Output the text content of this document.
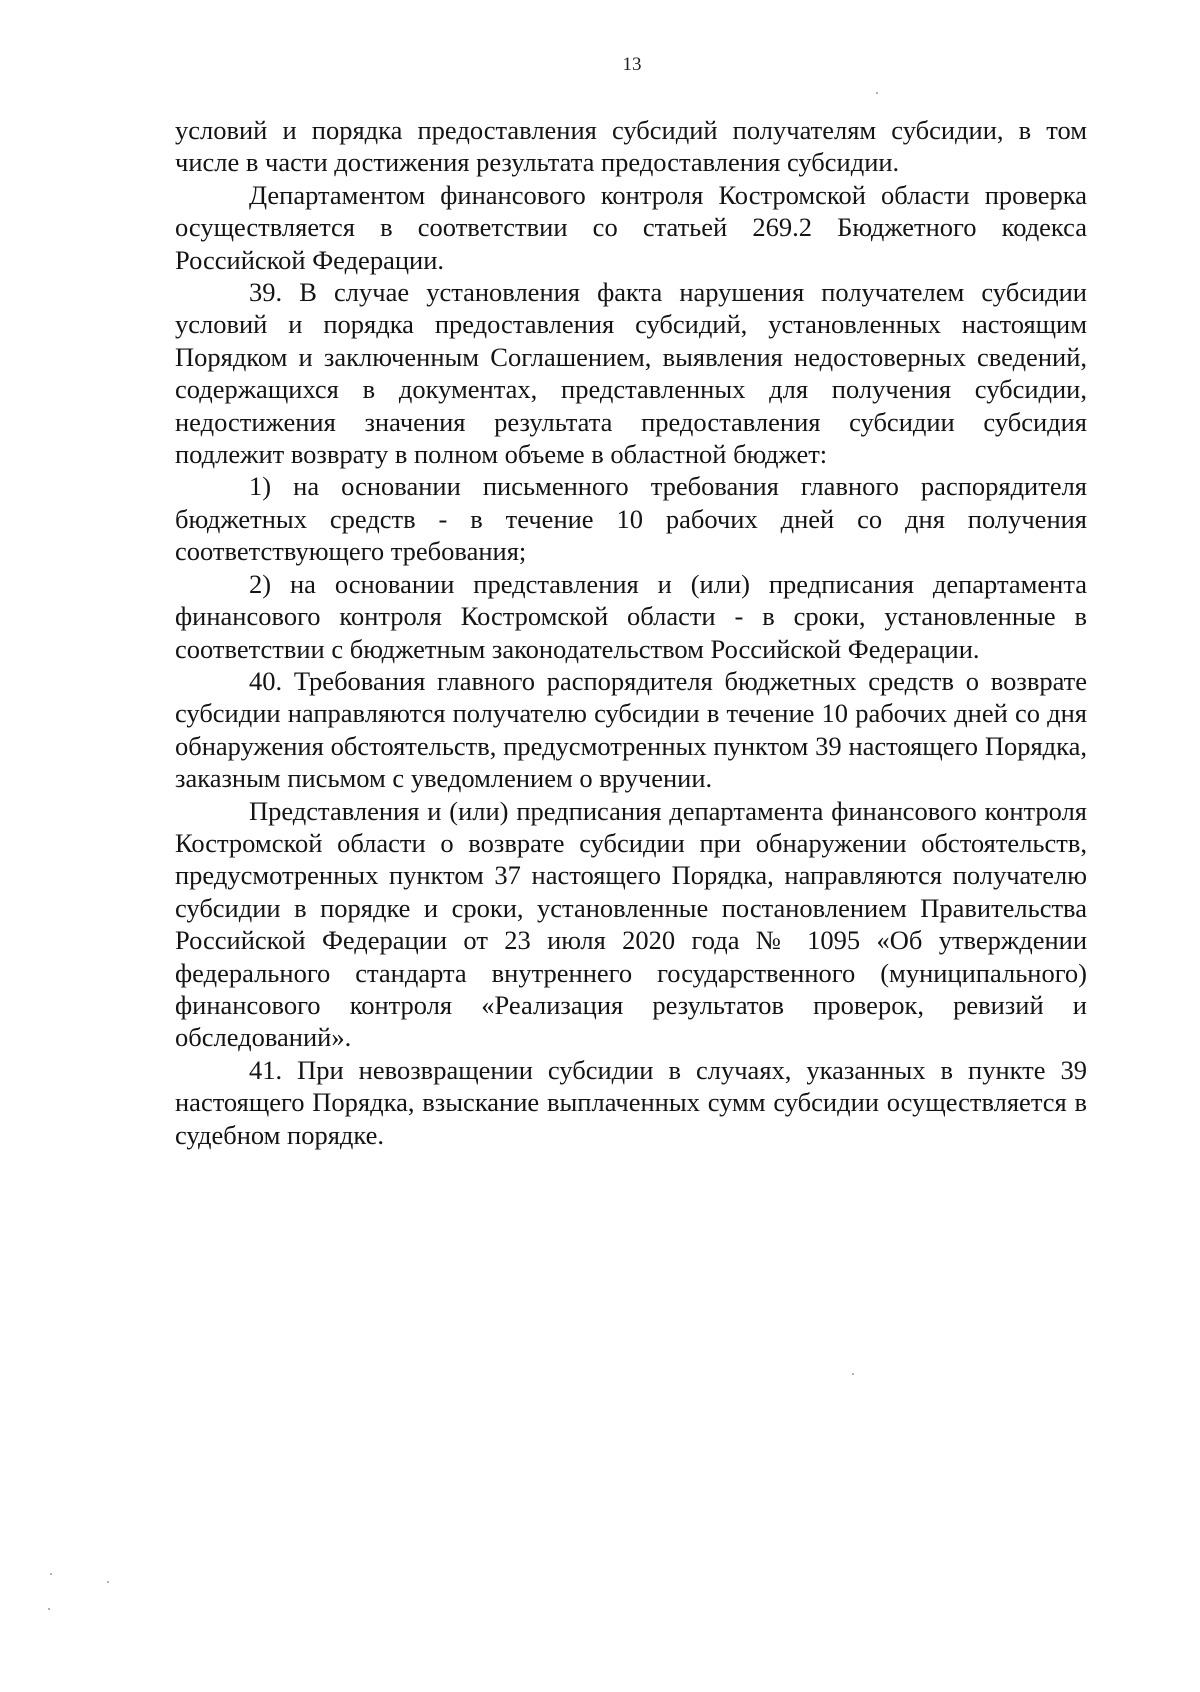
13

условий и порядка предоставления субсидий получателям субсидии, в том числе в части достижения результата предоставления субсидии.

Департаментом финансового контроля Костромской области проверка осуществляется в соответствии со статьей 269.2 Бюджетного кодекса Российской Федерации.

39. В случае установления факта нарушения получателем субсидии условий и порядка предоставления субсидий, установленных настоящим Порядком и заключенным Соглашением, выявления недостоверных сведений, содержащихся в документах, представленных для получения субсидии, недостижения значения результата предоставления субсидии субсидия подлежит возврату в полном объеме в областной бюджет:

1) на основании письменного требования главного распорядителя бюджетных средств - в течение 10 рабочих дней со дня получения соответствующего требования;

2) на основании представления и (или) предписания департамента финансового контроля Костромской области - в сроки, установленные в соответствии с бюджетным законодательством Российской Федерации.

40. Требования главного распорядителя бюджетных средств о возврате субсидии направляются получателю субсидии в течение 10 рабочих дней со дня обнаружения обстоятельств, предусмотренных пунктом 39 настоящего Порядка, заказным письмом с уведомлением о вручении.

Представления и (или) предписания департамента финансового контроля Костромской области о возврате субсидии при обнаружении обстоятельств, предусмотренных пунктом 37 настоящего Порядка, направляются получателю субсидии в порядке и сроки, установленные постановлением Правительства Российской Федерации от 23 июля 2020 года № 1095 «Об утверждении федерального стандарта внутреннего государственного (муниципального) финансового контроля «Реализация результатов проверок, ревизий и обследований».

41. При невозвращении субсидии в случаях, указанных в пункте 39 настоящего Порядка, взыскание выплаченных сумм субсидии осуществляется в судебном порядке.
